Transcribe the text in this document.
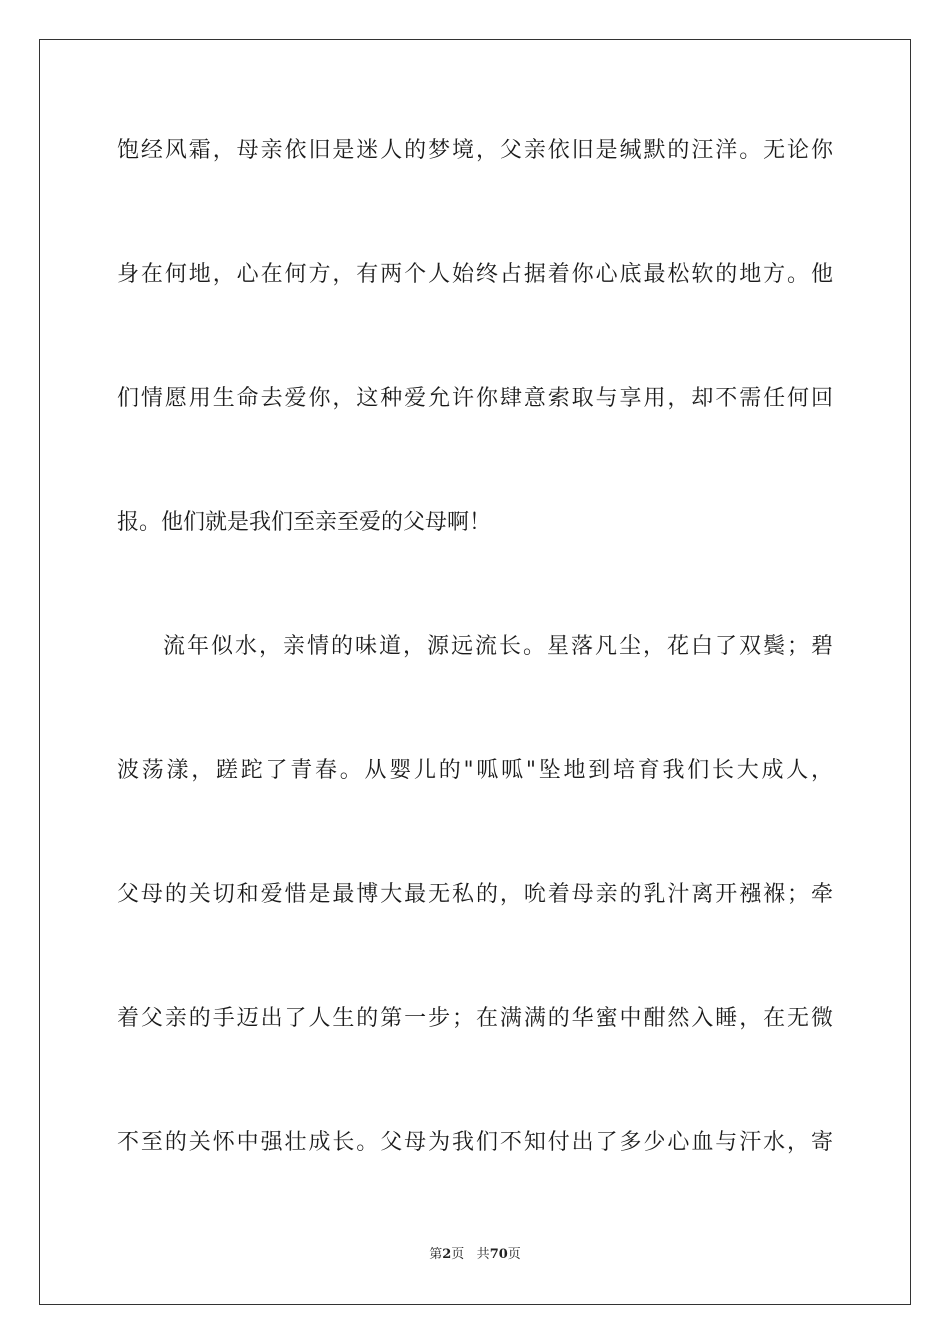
饱经风霜，母亲依旧是迷人的梦境，父亲依旧是缄默的汪洋。无论你
身在何地，心在何方，有两个人始终占据着你心底最松软的地方。他
们情愿用生命去爱你，这种爱允许你肆意索取与享用，却不需任何回
报。他们就是我们至亲至爱的父母啊！
流年似水，亲情的味道，源远流长。星落凡尘，花白了双鬓；碧
波荡漾，蹉跎了青春。从婴儿的"呱呱"坠地到培育我们长大成人，
父母的关切和爱惜是最博大最无私的，吮着母亲的乳汁离开襁褓；牵
着父亲的手迈出了人生的第一步；在满满的华蜜中酣然入睡，在无微
不至的关怀中强壮成长。父母为我们不知付出了多少心血与汗水，寄
第2页 共70页
